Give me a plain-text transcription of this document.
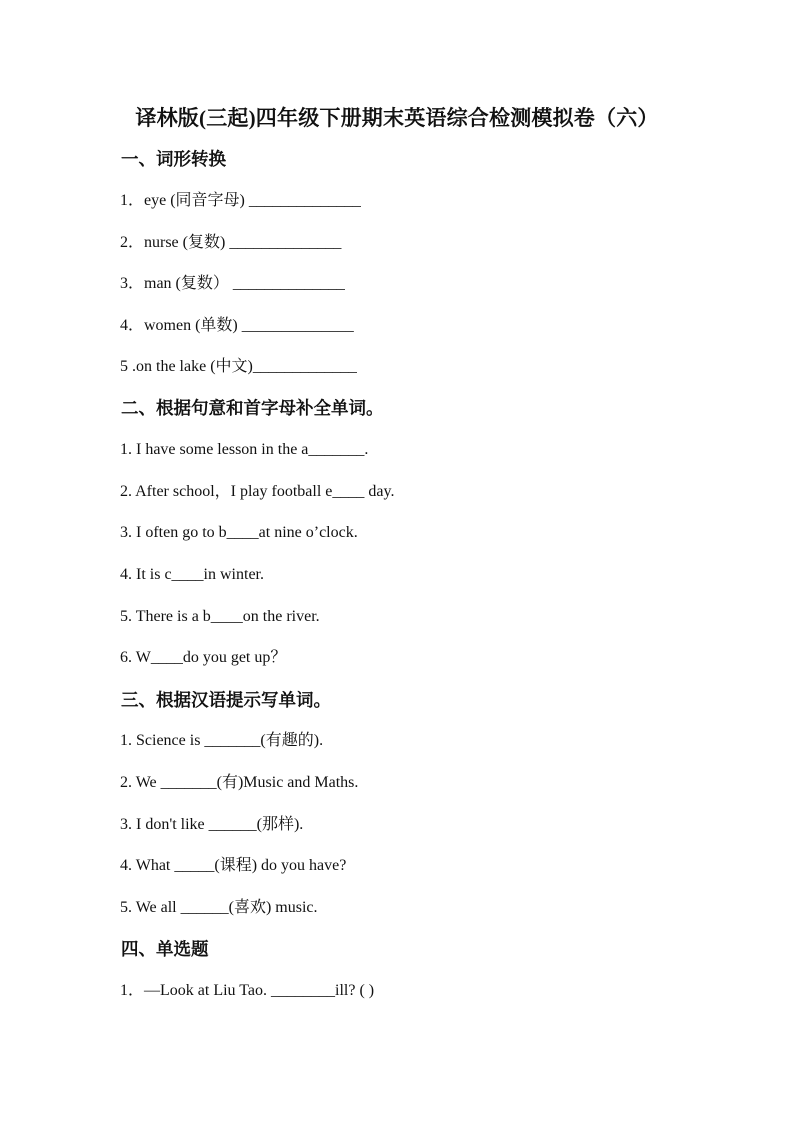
译林版(三起)四年级下册期末英语综合检测模拟卷（六）
一、词形转换
1．eye (同音字母) ______________
2．nurse (复数) ______________
3．man (复数） ______________
4．women (单数) ______________
5 .on the lake (中文)_____________
二、根据句意和首字母补全单词。
1. I have some lesson in the a_______.
2. After school，I play football e____ day.
3. I often go to b____at nine o’clock.
4. It is c____in winter.
5. There is a b____on the river.
6. W____do you get up？
三、根据汉语提示写单词。
1. Science is _______(有趣的).
2. We _______(有)Music and Maths.
3. I don't like ______(那样).
4. What _____(课程) do you have?
5. We all ______(喜欢) music.
四、单选题
1．—Look at Liu Tao. ________ill? ( )
